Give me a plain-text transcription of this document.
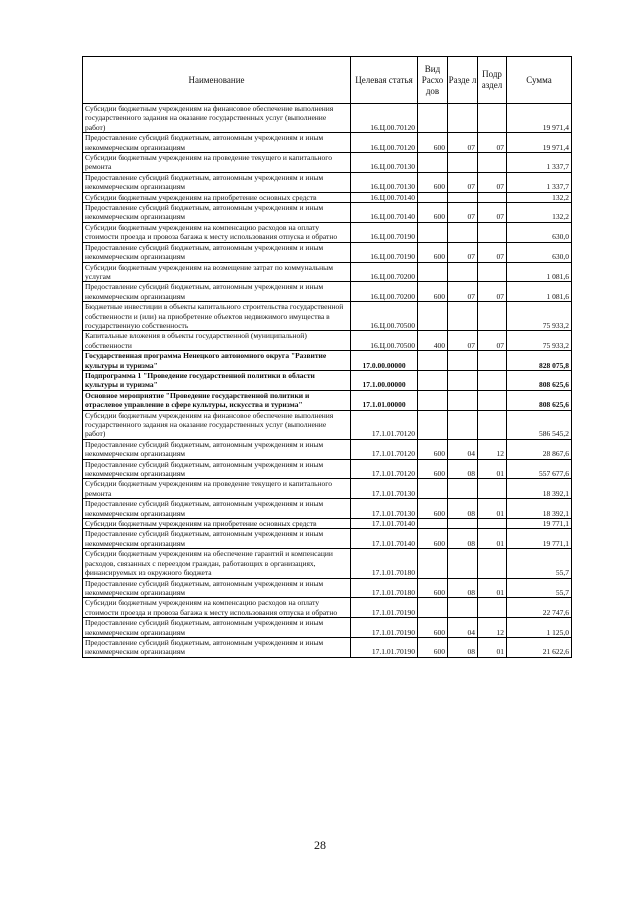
Наименование	Целевая статья	Вид Расхо дов	Разде л	Подр аздел	Сумма
Субсидии бюджетным учреждениям на финансовое обеспечение выполнения государственного задания на оказание государственных услуг (выполнение работ)	16.Ц.00.70120				19 971,4
Предоставление субсидий бюджетным, автономным учреждениям и иным некоммерческим организациям	16.Ц.00.70120	600	07	07	19 971,4
Субсидии бюджетным учреждениям на проведение текущего и капитального ремонта	16.Ц.00.70130				1 337,7
Предоставление субсидий бюджетным, автономным учреждениям и иным некоммерческим организациям	16.Ц.00.70130	600	07	07	1 337,7
Субсидии бюджетным учреждениям на приобретение основных средств	16.Ц.00.70140				132,2
Предоставление субсидий бюджетным, автономным учреждениям и иным некоммерческим организациям	16.Ц.00.70140	600	07	07	132,2
Субсидии бюджетным учреждениям на компенсацию расходов на оплату стоимости проезда и провоза багажа к месту использования отпуска и обратно	16.Ц.00.70190				630,0
Предоставление субсидий бюджетным, автономным учреждениям и иным некоммерческим организациям	16.Ц.00.70190	600	07	07	630,0
Субсидии бюджетным учреждениям на возмещение затрат по коммунальным услугам	16.Ц.00.70200				1 081,6
Предоставление субсидий бюджетным, автономным учреждениям и иным некоммерческим организациям	16.Ц.00.70200	600	07	07	1 081,6
Бюджетные инвестиции в объекты капитального строительства государственной собственности и (или) на приобретение объектов недвижимого имущества в государственную собственность	16.Ц.00.70500				75 933,2
Капитальные вложения в объекты государственной (муниципальной) собственности	16.Ц.00.70500	400	07	07	75 933,2
Государственная программа Ненецкого автономного округа "Развитие культуры и туризма"	17.0.00.00000				828 075,8
Подпрограмма 1 "Проведение государственной политики в области культуры и туризма"	17.1.00.00000				808 625,6
Основное мероприятие "Проведение государственной политики и отраслевое управление в сфере культуры, искусства и туризма"	17.1.01.00000				808 625,6
Субсидии бюджетным учреждениям на финансовое обеспечение выполнения государственного задания на оказание государственных услуг (выполнение работ)	17.1.01.70120				586 545,2
Предоставление субсидий бюджетным, автономным учреждениям и иным некоммерческим организациям	17.1.01.70120	600	04	12	28 867,6
Предоставление субсидий бюджетным, автономным учреждениям и иным некоммерческим организациям	17.1.01.70120	600	08	01	557 677,6
Субсидии бюджетным учреждениям на проведение текущего и капитального ремонта	17.1.01.70130				18 392,1
Предоставление субсидий бюджетным, автономным учреждениям и иным некоммерческим организациям	17.1.01.70130	600	08	01	18 392,1
Субсидии бюджетным учреждениям на приобретение основных средств	17.1.01.70140				19 771,1
Предоставление субсидий бюджетным, автономным учреждениям и иным некоммерческим организациям	17.1.01.70140	600	08	01	19 771,1
Субсидии бюджетным учреждениям на обеспечение гарантий и компенсации расходов, связанных с переездом граждан, работающих в организациях, финансируемых из окружного бюджета	17.1.01.70180				55,7
Предоставление субсидий бюджетным, автономным учреждениям и иным некоммерческим организациям	17.1.01.70180	600	08	01	55,7
Субсидии бюджетным учреждениям на компенсацию расходов на оплату стоимости проезда и провоза багажа к месту использования отпуска и обратно	17.1.01.70190				22 747,6
Предоставление субсидий бюджетным, автономным учреждениям и иным некоммерческим организациям	17.1.01.70190	600	04	12	1 125,0
Предоставление субсидий бюджетным, автономным учреждениям и иным некоммерческим организациям	17.1.01.70190	600	08	01	21 622,6
28
